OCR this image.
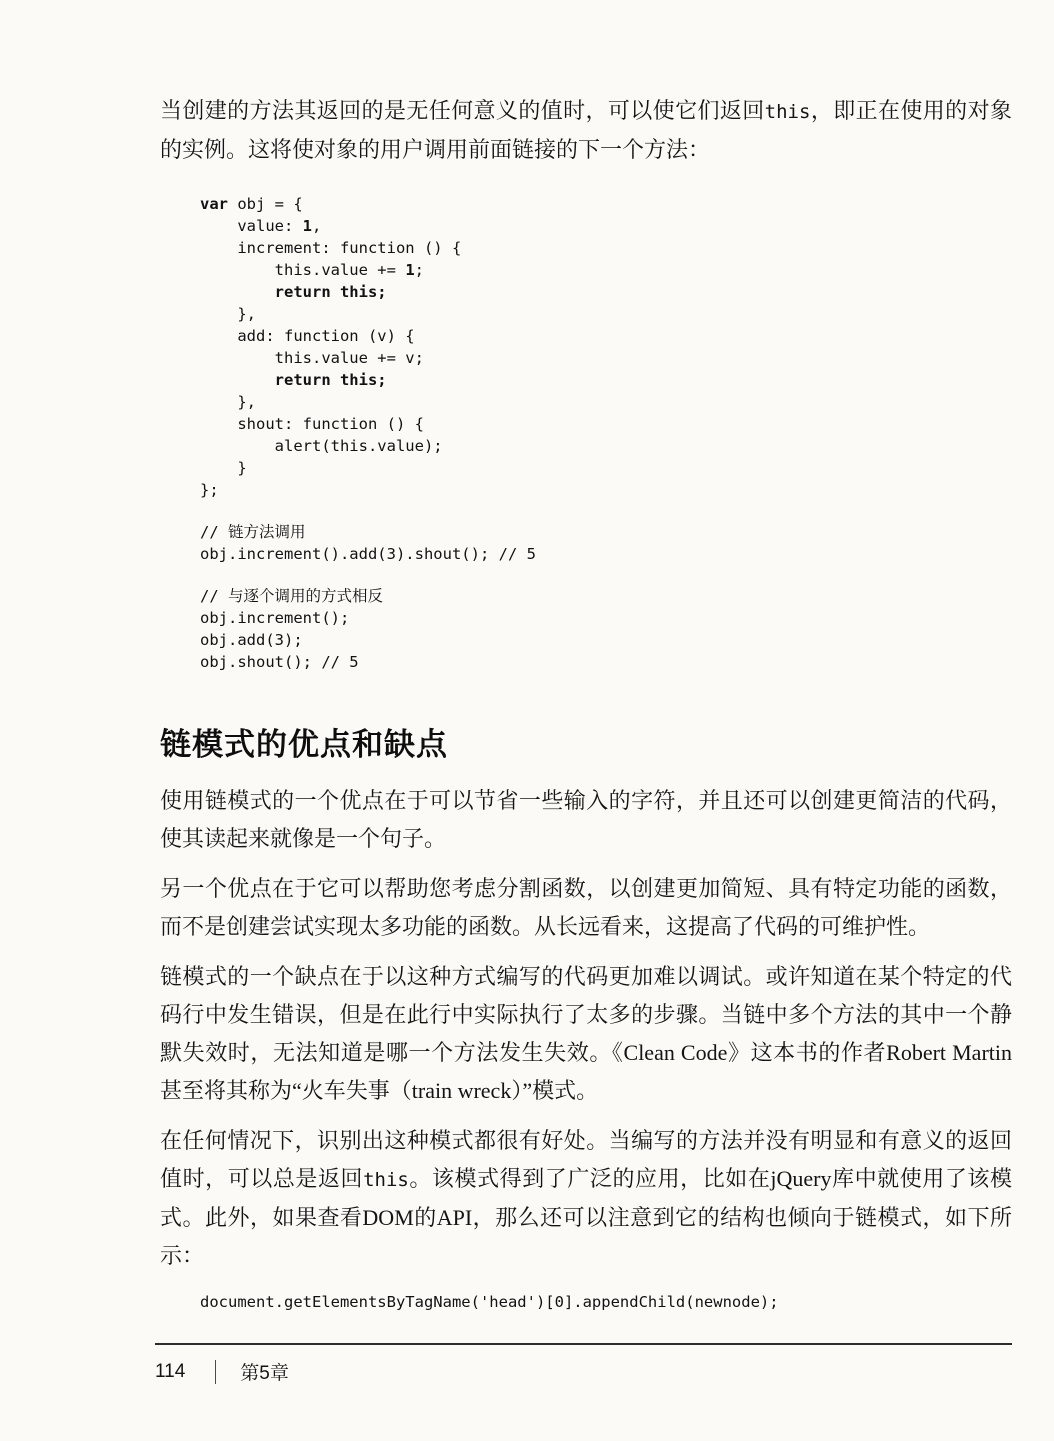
当创建的方法其返回的是无任何意义的值时，可以使它们返回this，即正在使用的对象的实例。这将使对象的用户调用前面链接的下一个方法：

var obj = {
value: 1,
increment: function () {
this.value += 1;
return this;
},
add: function (v) {
this.value += v;
return this;
},
shout: function () {
alert(this.value);
}
};
// 链方法调用
obj.increment().add(3).shout(); // 5
// 与逐个调用的方式相反
obj.increment();
obj.add(3);
obj.shout(); // 5
链模式的优点和缺点

使用链模式的一个优点在于可以节省一些输入的字符，并且还可以创建更简洁的代码，使其读起来就像是一个句子。

另一个优点在于它可以帮助您考虑分割函数，以创建更加简短、具有特定功能的函数，而不是创建尝试实现太多功能的函数。从长远看来，这提高了代码的可维护性。

链模式的一个缺点在于以这种方式编写的代码更加难以调试。或许知道在某个特定的代码行中发生错误，但是在此行中实际执行了太多的步骤。当链中多个方法的其中一个静默失效时，无法知道是哪一个方法发生失效。《Clean Code》这本书的作者Robert Martin甚至将其称为“火车失事（train wreck）”模式。

在任何情况下，识别出这种模式都很有好处。当编写的方法并没有明显和有意义的返回值时，可以总是返回this。该模式得到了广泛的应用，比如在jQuery库中就使用了该模式。此外，如果查看DOM的API，那么还可以注意到它的结构也倾向于链模式，如下所示：

document.getElementsByTagName('head')[0].appendChild(newnode);
114	第5章
